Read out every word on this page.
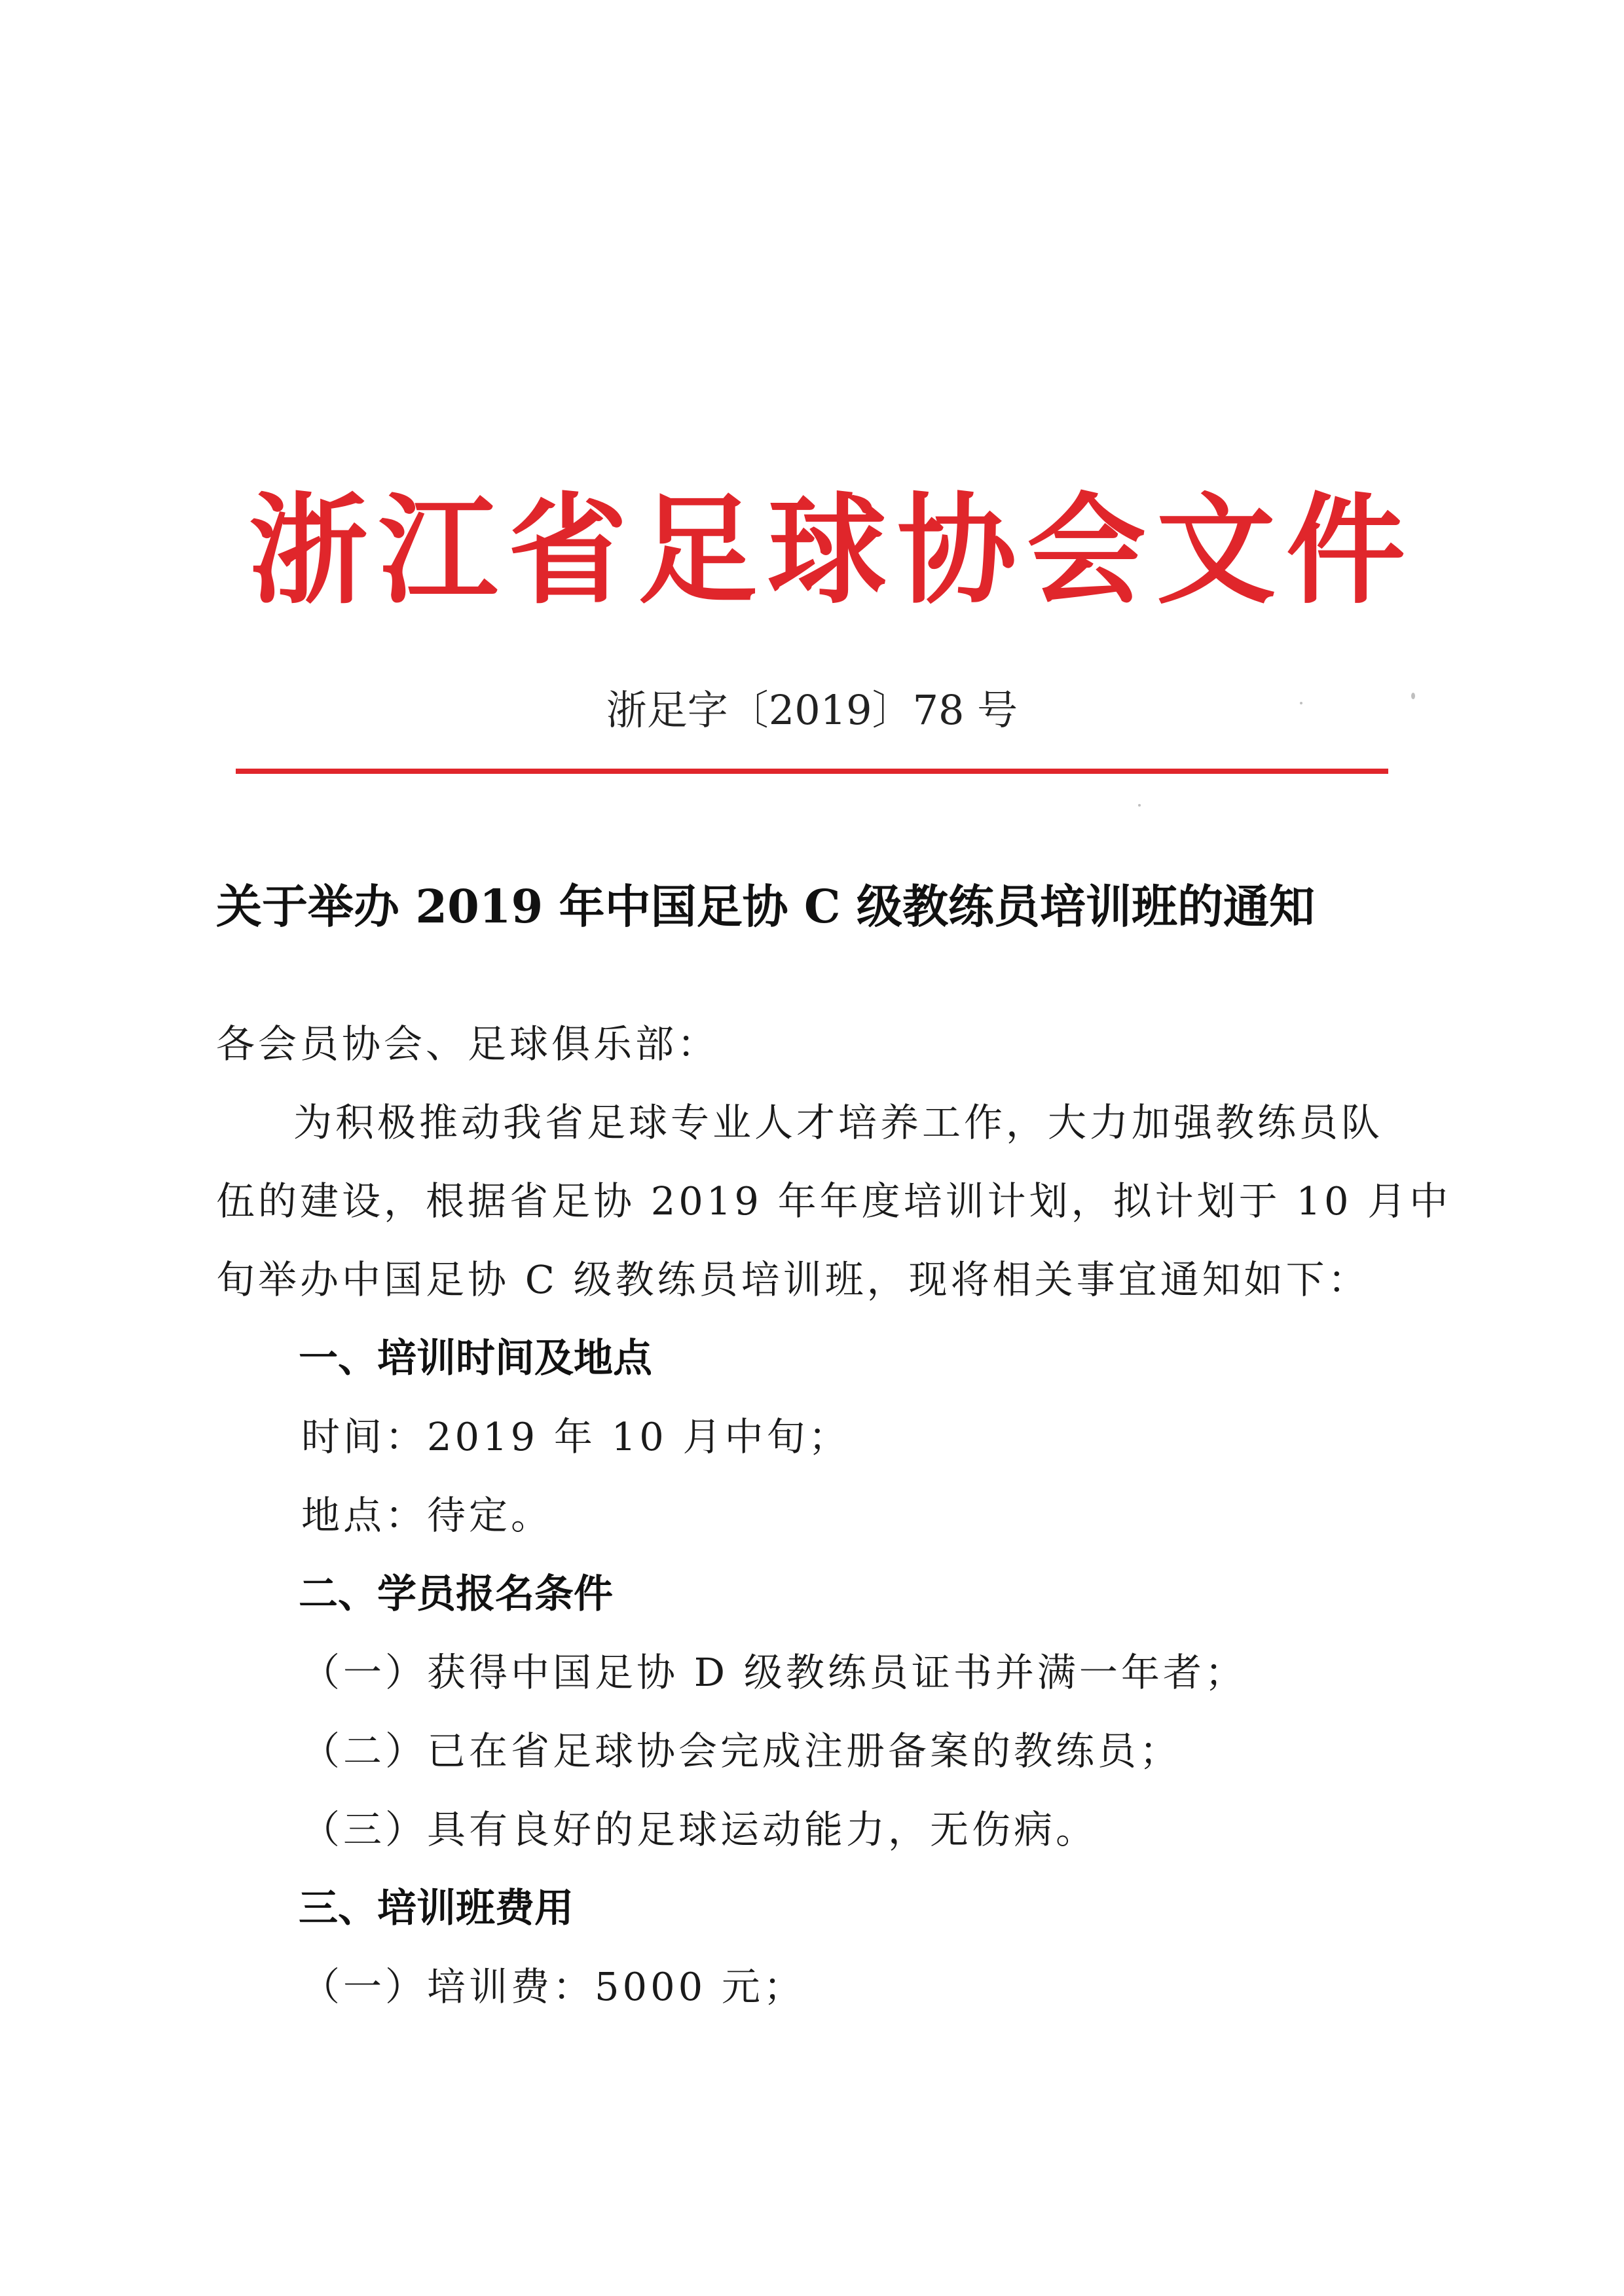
浙江省足球协会文件
浙足字〔2019〕78 号
关于举办 2019 年中国足协 C 级教练员培训班的通知
各会员协会、足球俱乐部：
为积极推动我省足球专业人才培养工作，大力加强教练员队
伍的建设，根据省足协 2019 年年度培训计划，拟计划于 10 月中
旬举办中国足协 C 级教练员培训班，现将相关事宜通知如下：
一、培训时间及地点
时间：2019 年 10 月中旬；
地点：待定。
二、学员报名条件
（一）获得中国足协 D 级教练员证书并满一年者；
（二）已在省足球协会完成注册备案的教练员；
（三）具有良好的足球运动能力，无伤病。
三、培训班费用
（一）培训费：5000 元；
